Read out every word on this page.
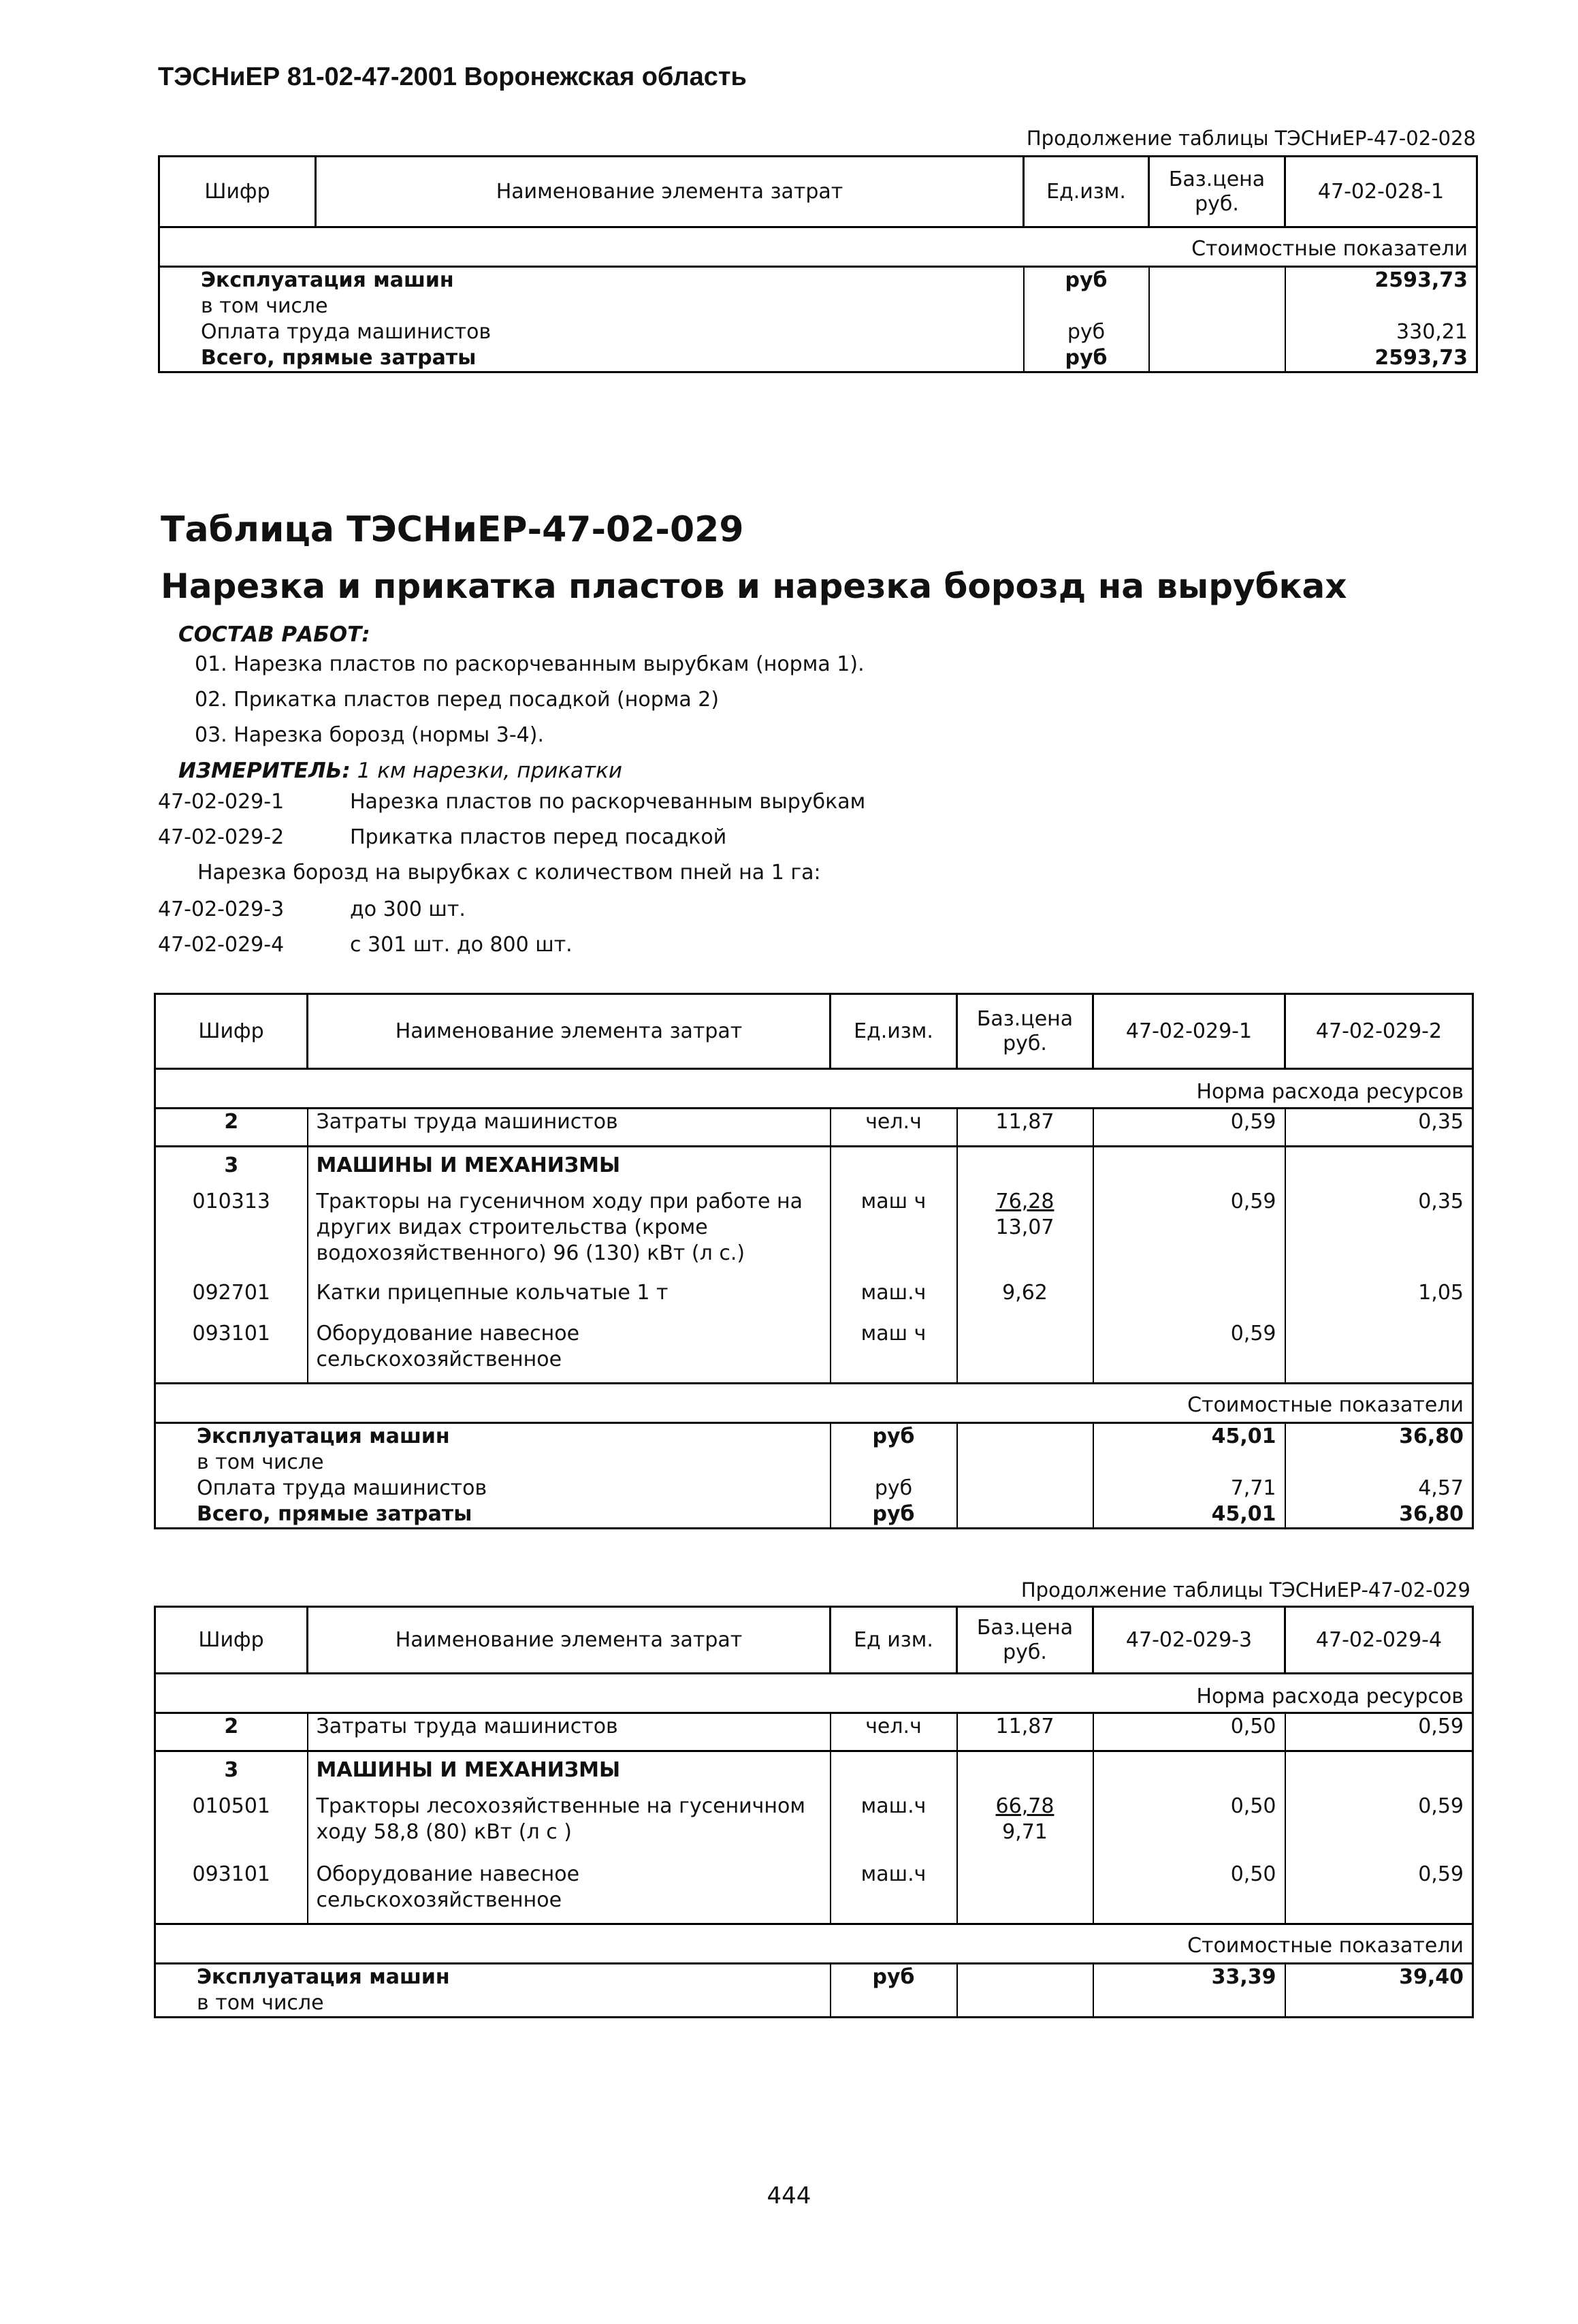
ТЭСНиЕР 81-02-47-2001 Воронежская область
Продолжение таблицы ТЭСНиЕР-47-02-028
Шифр	Наименование элемента затрат	Ед.изм.	Баз.цена руб.	47-02-028-1
Стоимостные показатели				
Эксплуатация машин		руб		2593,73
в том числе				
Оплата труда машинистов		руб		330,21
Всего, прямые затраты		руб		2593,73
Таблица ТЭСНиЕР-47-02-029
Нарезка и прикатка пластов и нарезка борозд на вырубках
СОСТАВ РАБОТ:
01. Нарезка пластов по раскорчеванным вырубкам (норма 1).
02. Прикатка пластов перед посадкой (норма 2)
03. Нарезка борозд (нормы 3-4).
ИЗМЕРИТЕЛЬ: 1 км нарезки, прикатки
47-02-029-1	Нарезка пластов по раскорчеванным вырубкам
47-02-029-2	Прикатка пластов перед посадкой
Нарезка борозд на вырубках с количеством пней на 1 га:
47-02-029-3	до 300 шт.
47-02-029-4	с 301 шт. до 800 шт.
Шифр	Наименование элемента затрат	Ед.изм.	Баз.цена руб.	47-02-029-1	47-02-029-2
Норма расхода ресурсов					
2	Затраты труда машинистов	чел.ч	11,87	0,59	0,35
3	МАШИНЫ И МЕХАНИЗМЫ				
010313	Тракторы на гусеничном ходу при работе на других видах строительства (кроме водохозяйственного) 96 (130) кВт (л с.)	маш ч	76,28
13,07	0,59	0,35
092701	Катки прицепные кольчатые 1 т	маш.ч	9,62		1,05
093101	Оборудование навесное сельскохозяйственное	маш ч		0,59	
Стоимостные показатели					
Эксплуатация машин		руб		45,01	36,80
в том числе					
Оплата труда машинистов		руб		7,71	4,57
Всего, прямые затраты		руб		45,01	36,80
Продолжение таблицы ТЭСНиЕР-47-02-029
Шифр	Наименование элемента затрат	Ед изм.	Баз.цена руб.	47-02-029-3	47-02-029-4
Норма расхода ресурсов					
2	Затраты труда машинистов	чел.ч	11,87	0,50	0,59
3	МАШИНЫ И МЕХАНИЗМЫ				
010501	Тракторы лесохозяйственные на гусеничном ходу 58,8 (80) кВт (л с )	маш.ч	66,78
9,71	0,50	0,59
093101	Оборудование навесное сельскохозяйственное	маш.ч		0,50	0,59
Стоимостные показатели					
Эксплуатация машин		руб		33,39	39,40
в том числе					
444
